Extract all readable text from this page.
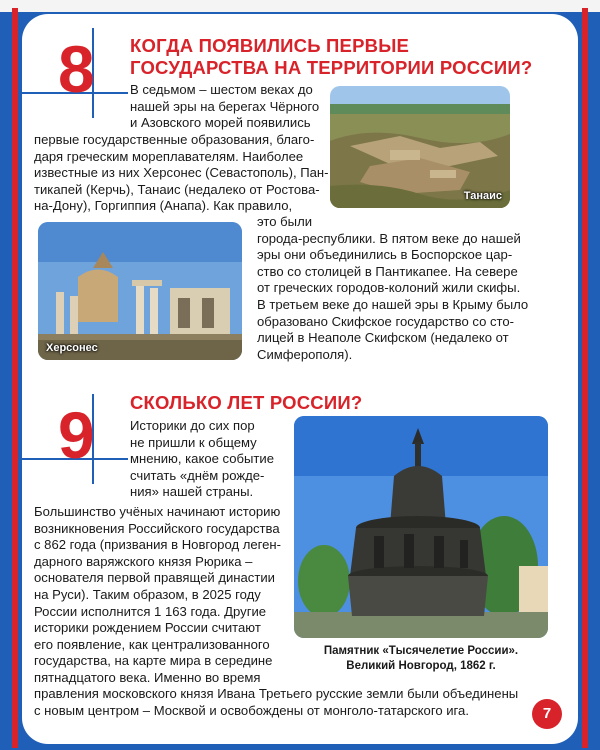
8 КОГДА ПОЯВИЛИСЬ ПЕРВЫЕ
ГОСУДАРСТВА НА ТЕРРИТОРИИ РОССИИ?
В седьмом – шестом веках до
нашей эры на берегах Чёрного
и Азовского морей появились
первые государственные образования, благо-
даря греческим мореплавателям. Наиболее
известные из них Херсонес (Севастополь), Пан-
тикапей (Керчь), Танаис (недалеко от Ростова-
на-Дону), Горгиппия (Анапа). Как правило,
Танаис
Херсонес
это были
города-республики. В пятом веке до нашей
эры они объединились в Боспорское цар-
ство со столицей в Пантикапее. На севере
от греческих городов-колоний жили скифы.
В третьем веке до нашей эры в Крыму было
образовано Скифское государство со сто-
лицей в Неаполе Скифском (недалеко от
Симферополя).
9 СКОЛЬКО ЛЕТ РОССИИ?
Историки до сих пор
не пришли к общему
мнению, какое событие
считать «днём рожде-
ния» нашей страны.
Большинство учёных начинают историю
возникновения Российского государства
с 862 года (призвания в Новгород леген-
дарного варяжского князя Рюрика –
основателя первой правящей династии
на Руси). Таким образом, в 2025 году
России исполнится 1 163 года. Другие
историки рождением России считают
его появление, как централизованного
государства, на карте мира в середине
пятнадцатого века. Именно во время
Памятник «Тысячелетие России».
Великий Новгород, 1862 г.
правления московского князя Ивана Третьего русские земли были объединены
с новым центром – Москвой и освобождены от монголо-татарского ига.	7
